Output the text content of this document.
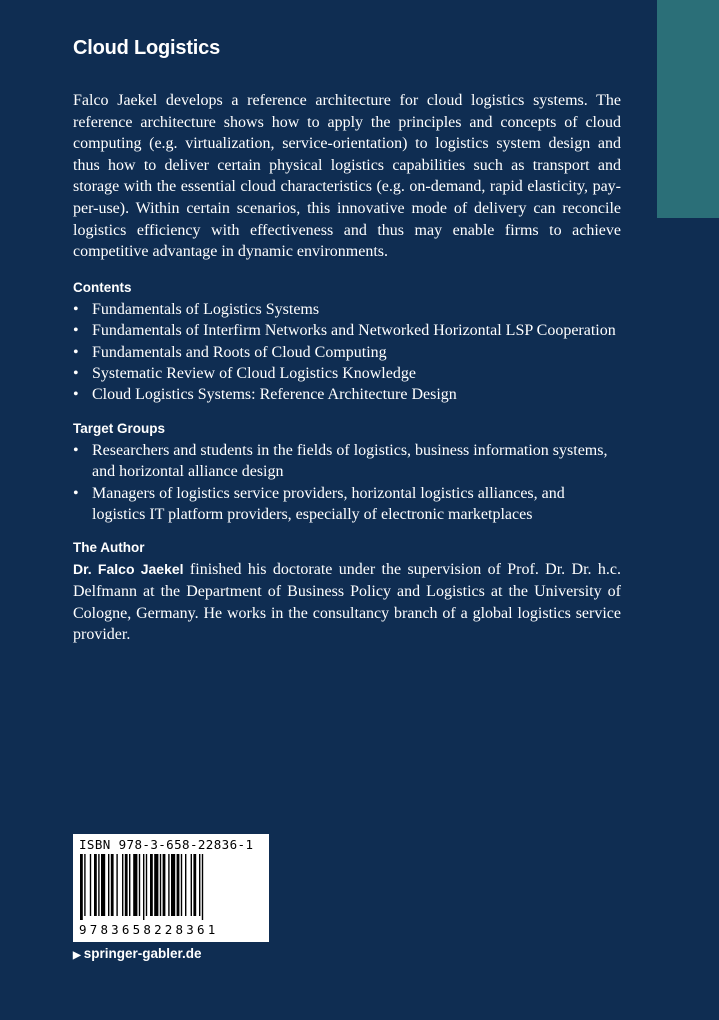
Cloud Logistics

Falco Jaekel develops a reference architecture for cloud logistics systems. The reference architecture shows how to apply the principles and concepts of cloud computing (e.g. virtualization, service-orientation) to logistics system design and thus how to deliver certain physical logistics capabilities such as transport and storage with the essential cloud characteristics (e.g. on-demand, rapid elasticity, pay-per-use). Within certain scenarios, this innovative mode of delivery can reconcile logistics efficiency with effectiveness and thus may enable firms to achieve competitive advantage in dynamic environments.

Contents
• Fundamentals of Logistics Systems
• Fundamentals of Interfirm Networks and Networked Horizontal LSP Cooperation
• Fundamentals and Roots of Cloud Computing
• Systematic Review of Cloud Logistics Knowledge
• Cloud Logistics Systems: Reference Architecture Design
Target Groups
• Researchers and students in the fields of logistics, business information systems, and horizontal alliance design
• Managers of logistics service providers, horizontal logistics alliances, and logistics IT platform providers, especially of electronic marketplaces
The Author

Dr. Falco Jaekel finished his doctorate under the supervision of Prof. Dr. Dr. h.c. Delfmann at the Department of Business Policy and Logistics at the University of Cologne, Germany. He works in the consultancy branch of a global logistics service provider.

ISBN 978-3-658-22836-1
9783658228361
▶ springer-gabler.de
